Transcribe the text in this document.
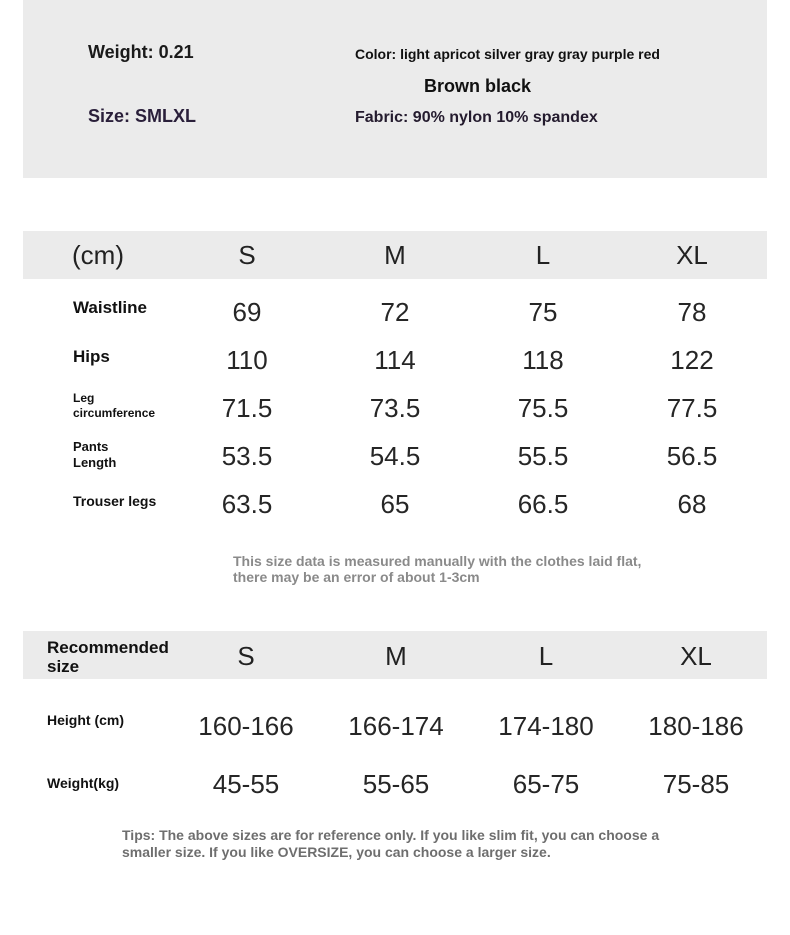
Weight: 0.21
Size: SMLXL
Color: light apricot silver gray gray purple red
Brown black
Fabric: 90% nylon 10% spandex
(cm)	S	M	L	XL
Waistline	69	72	75	78
Hips	110	114	118	122
Leg
circumference	71.5	73.5	75.5	77.5
Pants
Length	53.5	54.5	55.5	56.5
Trouser legs	63.5	65	66.5	68
This size data is measured manually with the clothes laid flat,
there may be an error of about 1-3cm
Recommended
size	S	M	L	XL
Height (cm)	160-166 166-174 174-180 180-186
Weight(kg)	45-55	55-65	65-75	75-85
Tips: The above sizes are for reference only. If you like slim fit, you can choose a smaller size. If you like OVERSIZE, you can choose a larger size.
